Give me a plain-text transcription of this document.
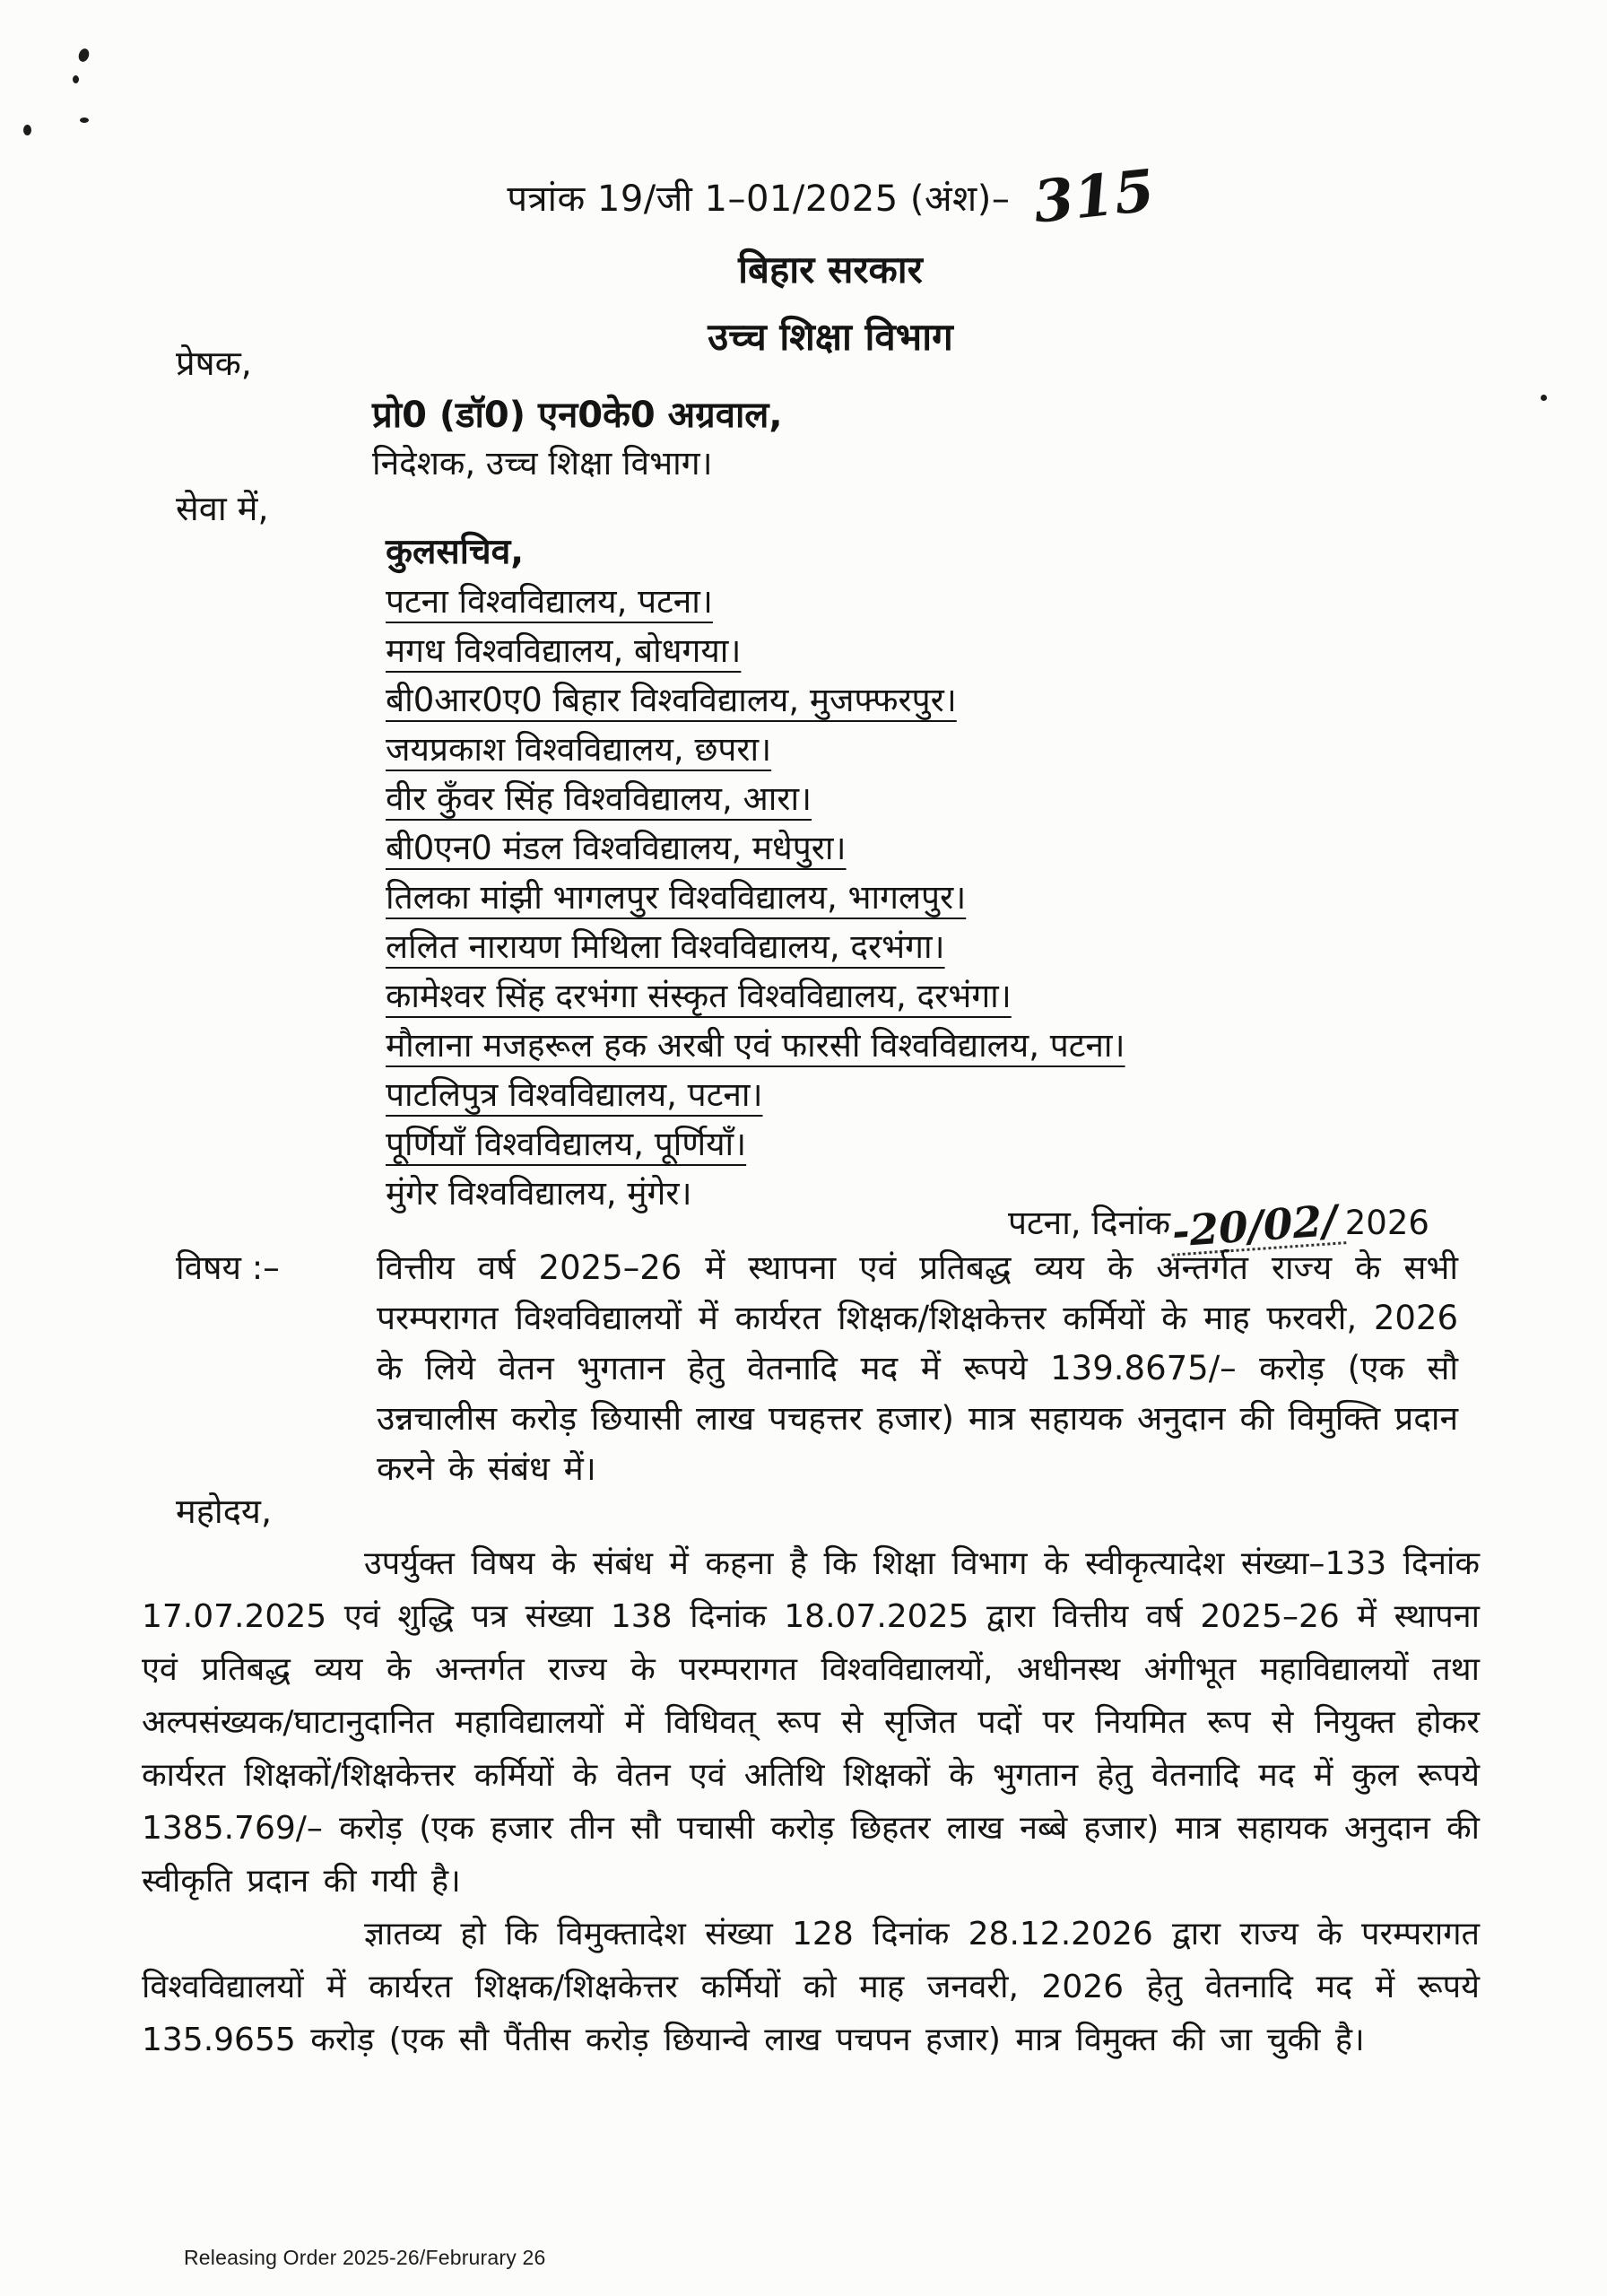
पत्रांक 19/जी 1–01/2025 (अंश)– 315
बिहार सरकार
उच्च शिक्षा विभाग
प्रेषक,
प्रो0 (डॉ0) एन0के0 अग्रवाल,
निदेशक, उच्च शिक्षा विभाग।
सेवा में,
कुलसचिव,
पटना विश्वविद्यालय, पटना।
मगध विश्वविद्यालय, बोधगया।
बी0आर0ए0 बिहार विश्वविद्यालय, मुजफ्फरपुर।
जयप्रकाश विश्वविद्यालय, छपरा।
वीर कुँवर सिंह विश्वविद्यालय, आरा।
बी0एन0 मंडल विश्वविद्यालय, मधेपुरा।
तिलका मांझी भागलपुर विश्वविद्यालय, भागलपुर।
ललित नारायण मिथिला विश्वविद्यालय, दरभंगा।
कामेश्वर सिंह दरभंगा संस्कृत विश्वविद्यालय, दरभंगा।
मौलाना मजहरूल हक अरबी एवं फारसी विश्वविद्यालय, पटना।
पाटलिपुत्र विश्वविद्यालय, पटना।
पूर्णियाँ विश्वविद्यालय, पूर्णियाँ।
मुंगेर विश्वविद्यालय, मुंगेर।
पटना, दिनांक-20/02/ 2026
विषय :–	वित्तीय वर्ष 2025–26 में स्थापना एवं प्रतिबद्ध व्यय के अन्तर्गत राज्य के सभी परम्परागत विश्वविद्यालयों में कार्यरत शिक्षक/शिक्षकेत्तर कर्मियों के माह फरवरी, 2026 के लिये वेतन भुगतान हेतु वेतनादि मद में रूपये 139.8675/– करोड़ (एक सौ उन्नचालीस करोड़ छियासी लाख पचहत्तर हजार) मात्र सहायक अनुदान की विमुक्ति प्रदान करने के संबंध में।
महोदय,

उपर्युक्त विषय के संबंध में कहना है कि शिक्षा विभाग के स्वीकृत्यादेश संख्या–133 दिनांक 17.07.2025 एवं शुद्धि पत्र संख्या 138 दिनांक 18.07.2025 द्वारा वित्तीय वर्ष 2025–26 में स्थापना एवं प्रतिबद्ध व्यय के अन्तर्गत राज्य के परम्परागत विश्वविद्यालयों, अधीनस्थ अंगीभूत महाविद्यालयों तथा अल्पसंख्यक/घाटानुदानित महाविद्यालयों में विधिवत् रूप से सृजित पदों पर नियमित रूप से नियुक्त होकर कार्यरत शिक्षकों/शिक्षकेत्तर कर्मियों के वेतन एवं अतिथि शिक्षकों के भुगतान हेतु वेतनादि मद में कुल रूपये 1385.769/– करोड़ (एक हजार तीन सौ पचासी करोड़ छिहतर लाख नब्बे हजार) मात्र सहायक अनुदान की स्वीकृति प्रदान की गयी है।

ज्ञातव्य हो कि विमुक्तादेश संख्या 128 दिनांक 28.12.2026 द्वारा राज्य के परम्परागत विश्वविद्यालयों में कार्यरत शिक्षक/शिक्षकेत्तर कर्मियों को माह जनवरी, 2026 हेतु वेतनादि मद में रूपये 135.9655 करोड़ (एक सौ पैंतीस करोड़ छियान्वे लाख पचपन हजार) मात्र विमुक्त की जा चुकी है।

Releasing Order 2025-26/Februrary 26
